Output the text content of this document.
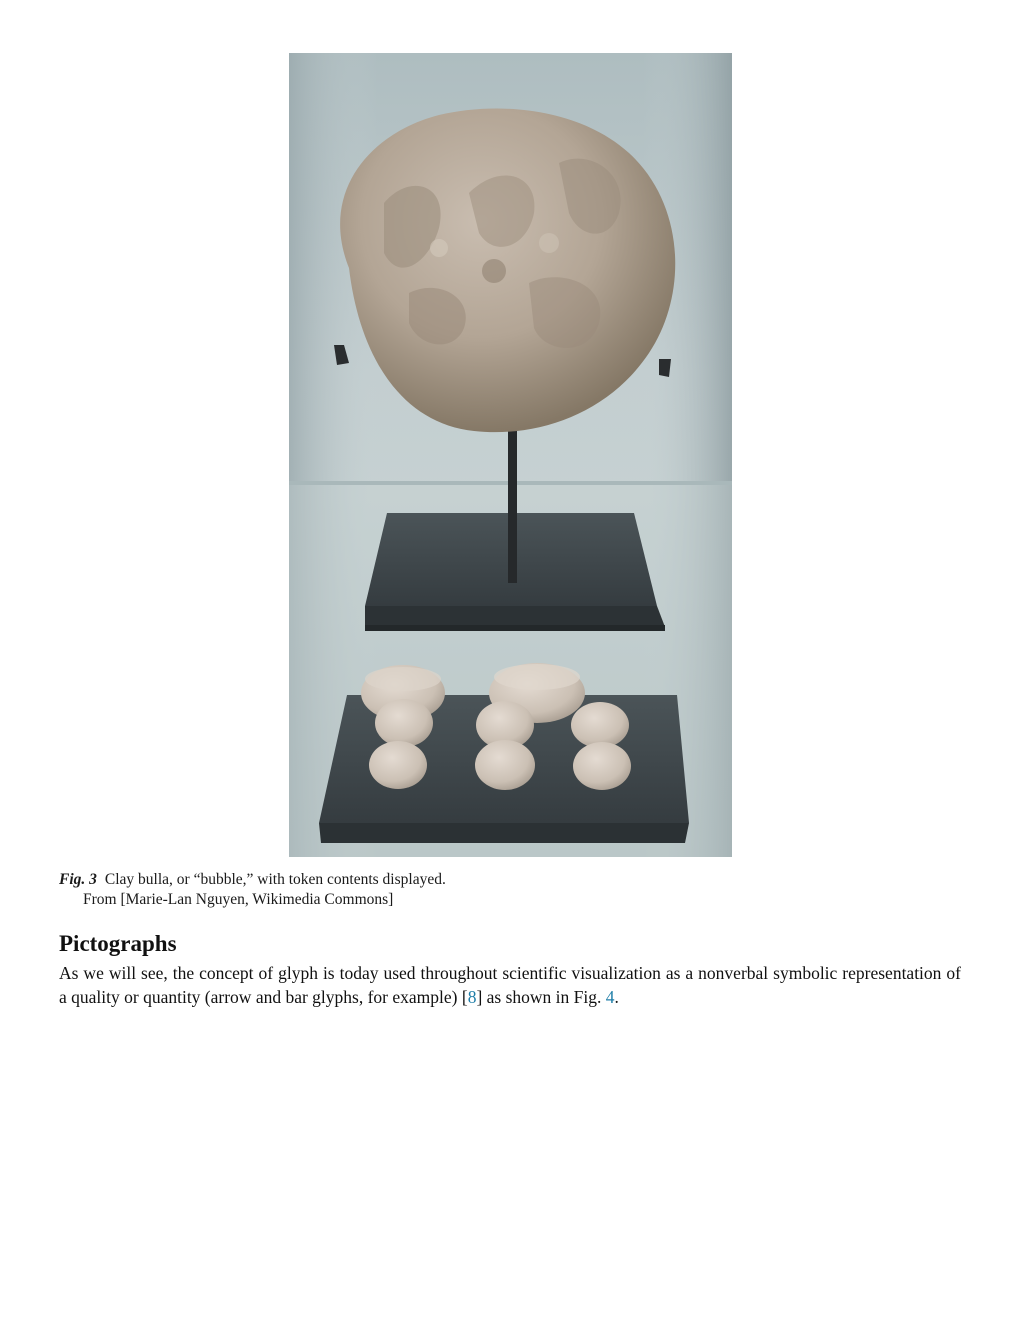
Fig. 3 Clay bulla, or “bubble,” with token contents displayed.
From [Marie-Lan Nguyen, Wikimedia Commons]
Pictographs

As we will see, the concept of glyph is today used throughout scientific visualization as a nonverbal symbolic representation of a quality or quantity (arrow and bar glyphs, for example) [8] as shown in Fig. 4.
